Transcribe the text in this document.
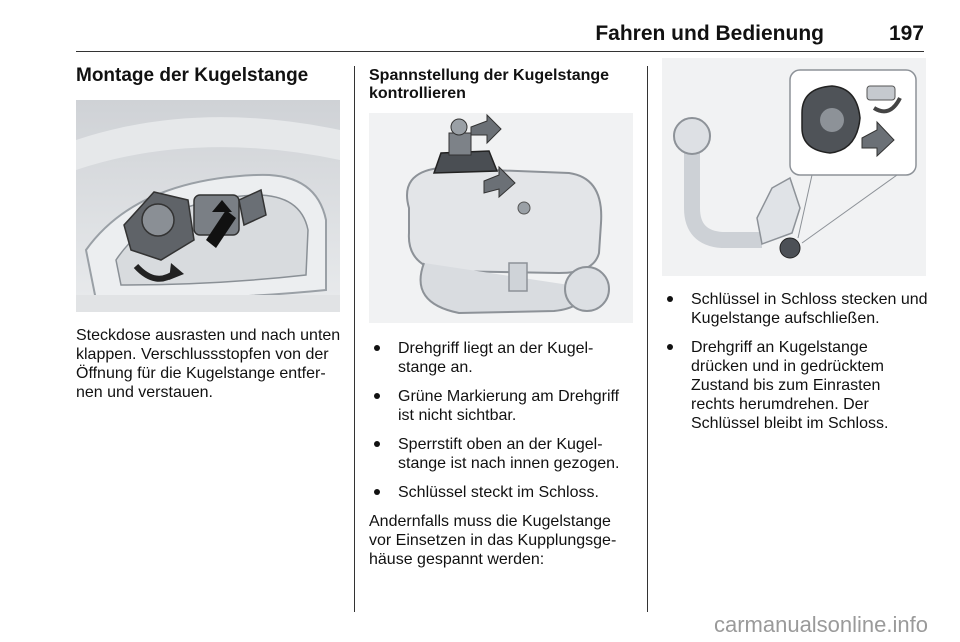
Fahren und Bedienung	197
Montage der Kugelstange

Steckdose ausrasten und nach unten klappen. Verschlussstopfen von der Öffnung für die Kugelstange entfer-nen und verstauen.

Spannstellung der Kugelstange kontrollieren
Drehgriff liegt an der Kugel-stange an.
Grüne Markierung am Drehgriff ist nicht sichtbar.
Sperrstift oben an der Kugel-stange ist nach innen gezogen.
Schlüssel steckt im Schloss.

Andernfalls muss die Kugelstange vor Einsetzen in das Kupplungsge-häuse gespannt werden:

Schlüssel in Schloss stecken und Kugelstange aufschließen.
Drehgriff an Kugelstange drücken und in gedrücktem Zustand bis zum Einrasten rechts herumdrehen. Der Schlüssel bleibt im Schloss.
carmanualsonline.info
